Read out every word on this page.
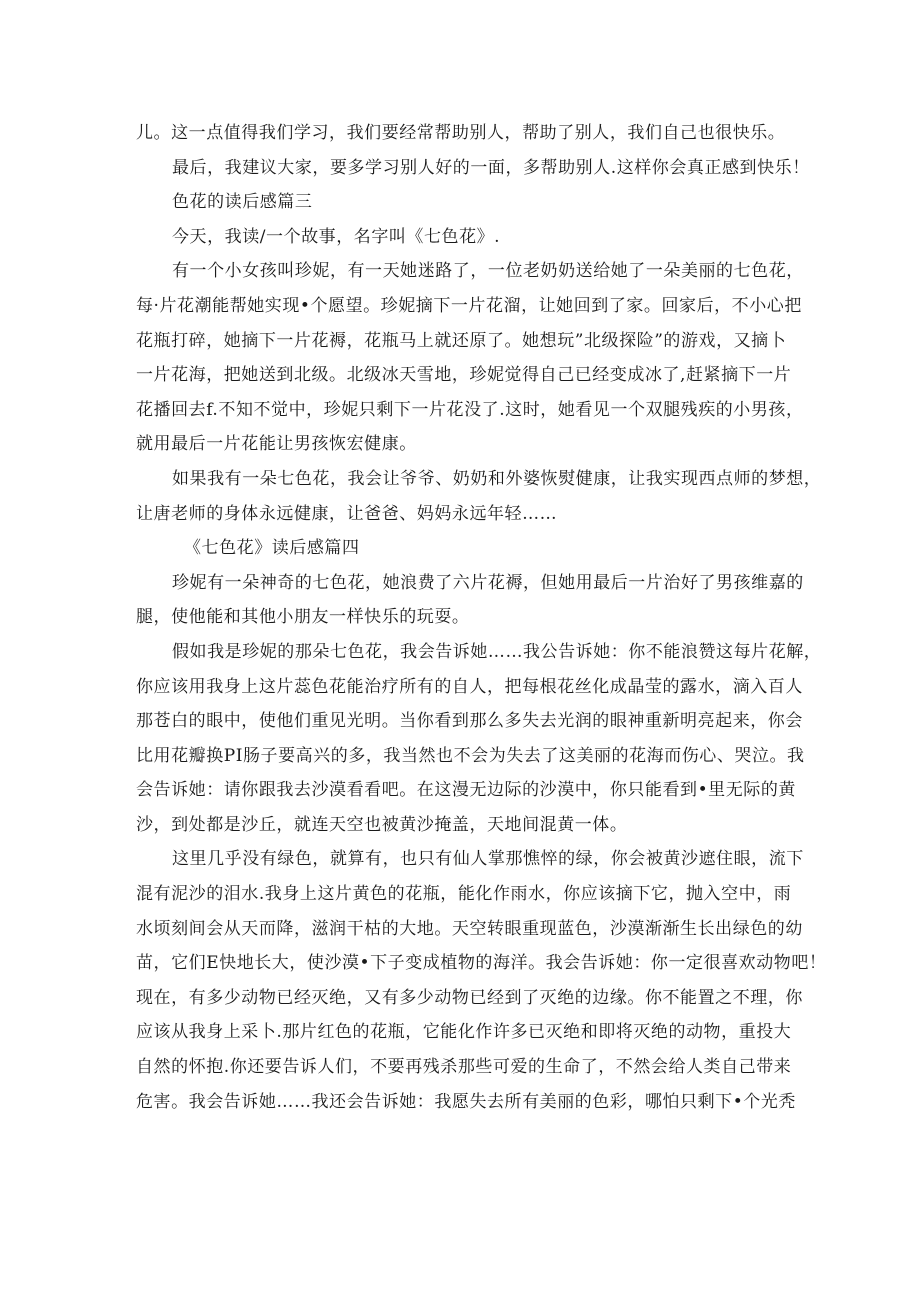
儿。这一点值得我们学习，我们要经常帮助别人，帮助了别人，我们自己也很快乐。
最后，我建议大家，要多学习别人好的一面，多帮助别人.这样你会真正感到快乐！
色花的读后感篇三
今天，我读/一个故事，名字叫《七色花》.
有一个小女孩叫珍妮，有一天她迷路了，一位老奶奶送给她了一朵美丽的七色花，
每·片花潮能帮她实现•个愿望。珍妮摘下一片花溜，让她回到了家。回家后，不小心把
花瓶打碎，她摘下一片花褥，花瓶马上就还原了。她想玩”北级探险”的游戏，又摘卜
一片花海，把她送到北级。北级冰天雪地，珍妮觉得自己已经变成冰了,赶紧摘下一片
花播回去f.不知不觉中，珍妮只剩下一片花没了.这时，她看见一个双腿残疾的小男孩，
就用最后一片花能让男孩恢宏健康。
如果我有一朵七色花，我会让爷爷、奶奶和外婆恢熨健康，让我实现西点师的梦想，
让唐老师的身体永远健康，让爸爸、妈妈永远年轻……
《七色花》读后感篇四
珍妮有一朵神奇的七色花，她浪费了六片花褥，但她用最后一片治好了男孩维嘉的
腿，使他能和其他小朋友一样快乐的玩耍。
假如我是珍妮的那朵七色花，我会告诉她……我公告诉她：你不能浪赞这每片花解，
你应该用我身上这片蕊色花能治疗所有的自人，把每根花丝化成晶莹的露水，滴入百人
那苍白的眼中，使他们重见光明。当你看到那么多失去光润的眼神重新明亮起来，你会
比用花瓣换PI肠子要高兴的多，我当然也不会为失去了这美丽的花海而伤心、哭泣。我
会告诉她：请你跟我去沙漠看看吧。在这漫无边际的沙漠中，你只能看到•里无际的黄
沙，到处都是沙丘，就连天空也被黄沙掩盖，天地间混黄一体。
这里几乎没有绿色，就算有，也只有仙人掌那憔悴的绿，你会被黄沙遮住眼，流下
混有泥沙的泪水.我身上这片黄色的花瓶，能化作雨水，你应该摘下它，抛入空中，雨
水顷刻间会从天而降，滋润干枯的大地。天空转眼重现蓝色，沙漠渐渐生长出绿色的幼
苗，它们E快地长大，使沙漠•下子变成植物的海洋。我会告诉她：你一定很喜欢动物吧！
现在，有多少动物已经灭绝，又有多少动物已经到了灭绝的边缘。你不能置之不理，你
应该从我身上采卜.那片红色的花瓶，它能化作许多已灭绝和即将灭绝的动物，重投大
自然的怀抱.你还要告诉人们，不要再残杀那些可爱的生命了，不然会给人类自己带来
危害。我会告诉她……我还会告诉她：我愿失去所有美丽的色彩，哪怕只剩下•个光秃
